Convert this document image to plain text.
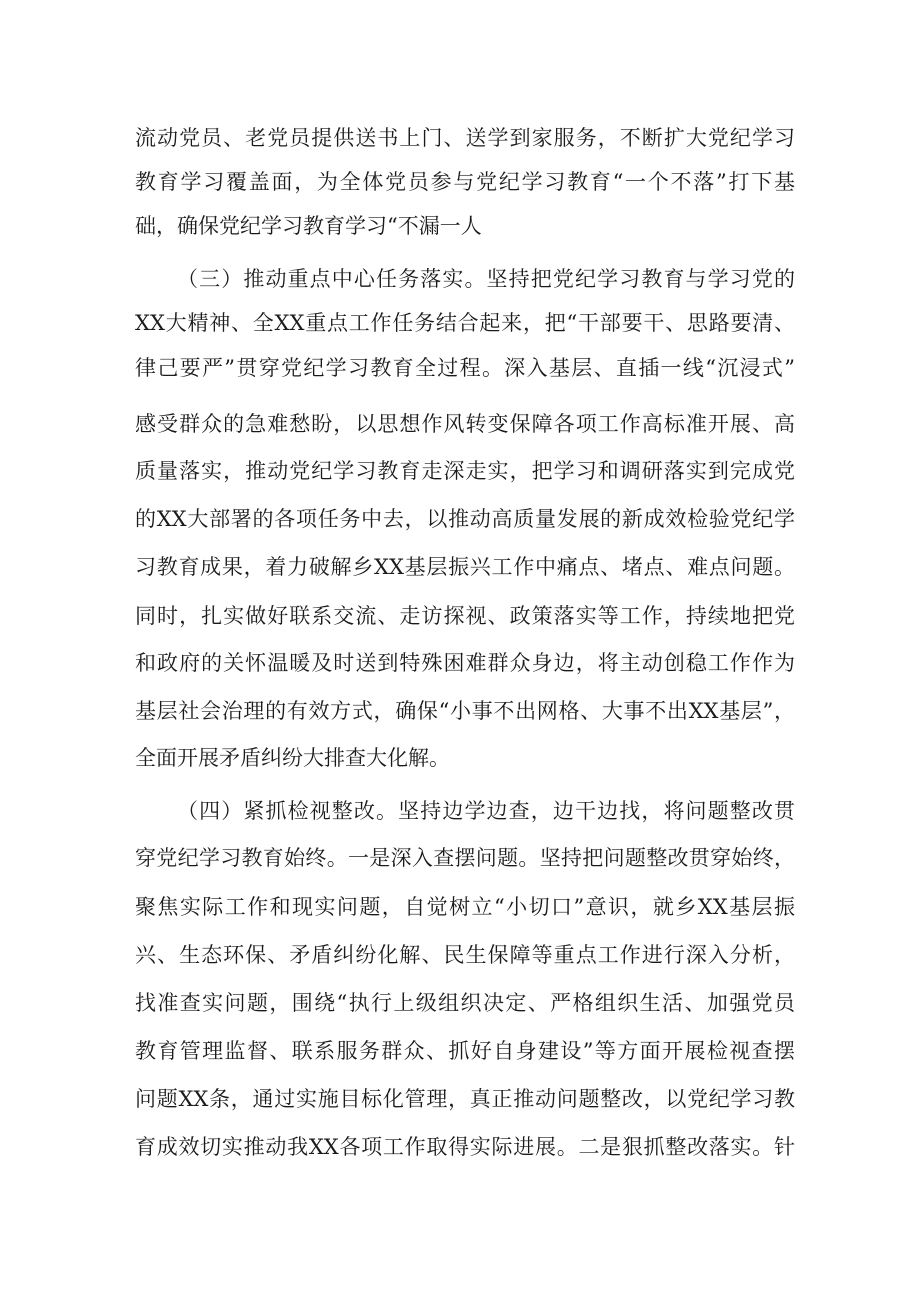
流动党员、老党员提供送书上门、送学到家服务，不断扩大党纪学习
教育学习覆盖面，为全体党员参与党纪学习教育“一个不落”打下基
础，确保党纪学习教育学习“不漏一人
（三）推动重点中心任务落实。坚持把党纪学习教育与学习党的
XX大精神、全XX重点工作任务结合起来，把“干部要干、思路要清、
律己要严”贯穿党纪学习教育全过程。深入基层、直插一线“沉浸式”
感受群众的急难愁盼，以思想作风转变保障各项工作高标准开展、高
质量落实，推动党纪学习教育走深走实，把学习和调研落实到完成党
的XX大部署的各项任务中去，以推动高质量发展的新成效检验党纪学
习教育成果，着力破解乡XX基层振兴工作中痛点、堵点、难点问题。
同时，扎实做好联系交流、走访探视、政策落实等工作，持续地把党
和政府的关怀温暖及时送到特殊困难群众身边，将主动创稳工作作为
基层社会治理的有效方式，确保“小事不出网格、大事不出XX基层”，
全面开展矛盾纠纷大排查大化解。
（四）紧抓检视整改。坚持边学边查，边干边找，将问题整改贯
穿党纪学习教育始终。一是深入查摆问题。坚持把问题整改贯穿始终，
聚焦实际工作和现实问题，自觉树立“小切口”意识，就乡XX基层振
兴、生态环保、矛盾纠纷化解、民生保障等重点工作进行深入分析，
找准查实问题，围绕“执行上级组织决定、严格组织生活、加强党员
教育管理监督、联系服务群众、抓好自身建设”等方面开展检视查摆
问题XX条，通过实施目标化管理，真正推动问题整改，以党纪学习教
育成效切实推动我XX各项工作取得实际进展。二是狠抓整改落实。针
